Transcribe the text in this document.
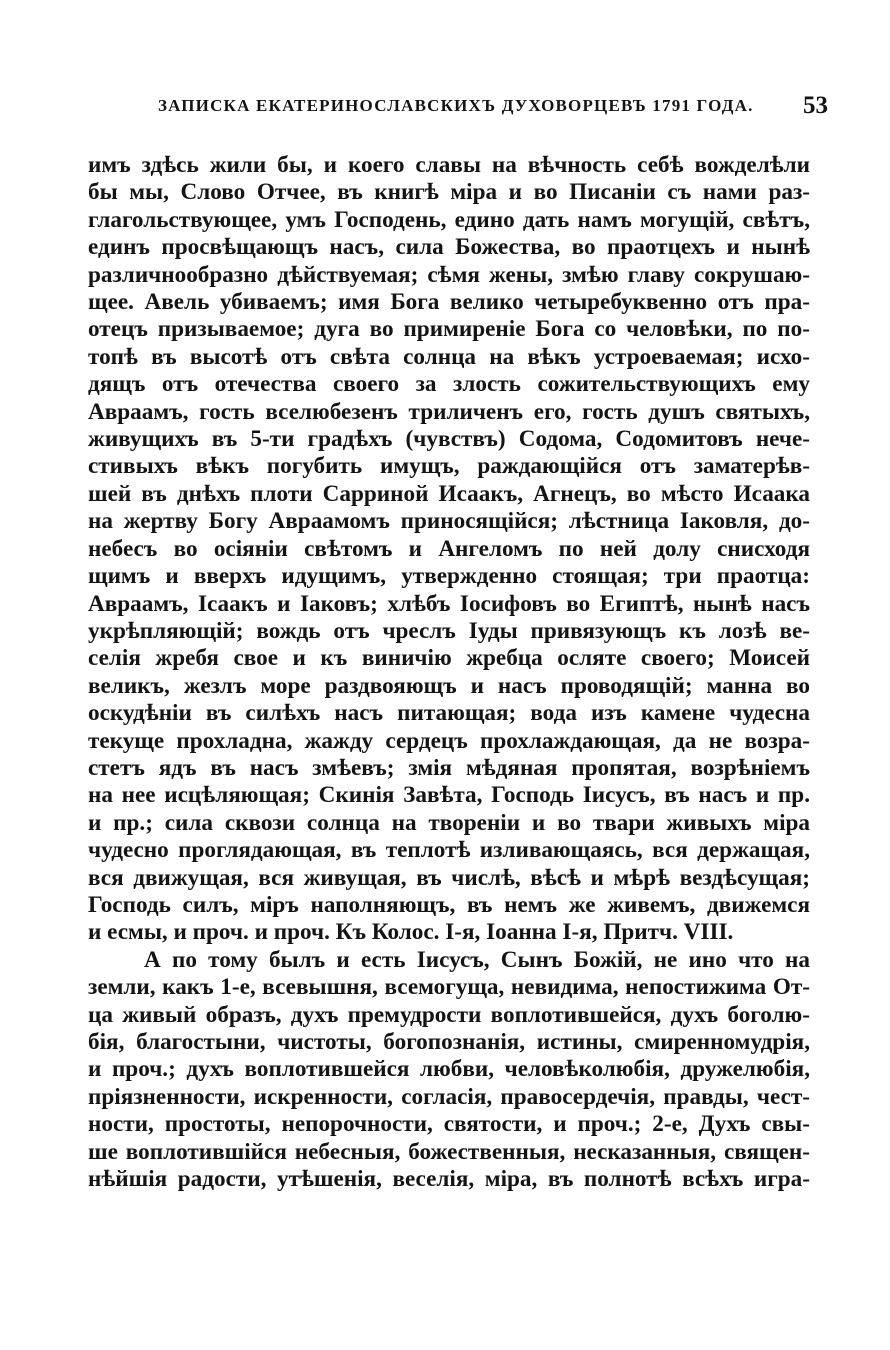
ЗАПИСКА ЕКАТЕРИНОСЛАВСКИХЪ ДУХОВОРЦЕВЪ 1791 ГОДА.	53
имъ здѣсь жили бы, и коего славы на вѣчность себѣ вожделѣли
бы мы, Слово Отчее, въ книгѣ міра и во Писаніи съ нами раз-
глагольствующее, умъ Господень, едино дать намъ могущій, свѣтъ,
единъ просвѣщающъ насъ, сила Божества, во праотцехъ и нынѣ
различнообразно дѣйствуемая; сѣмя жены, змѣю главу сокрушаю-
щее. Авель убиваемъ; имя Бога велико четыребуквенно отъ пра-
отецъ призываемое; дуга во примиреніе Бога со человѣки, по по-
топѣ въ высотѣ отъ свѣта солнца на вѣкъ устроеваемая; исхо-
дящъ отъ отечества своего за злость сожительствующихъ ему
Авраамъ, гость вселюбезенъ триличенъ его, гость душъ святыхъ,
живущихъ въ 5-ти градѣхъ (чувствъ) Содома, Содомитовъ нече-
стивыхъ вѣкъ погубить имущъ, раждающійся отъ заматерѣв-
шей въ днѣхъ плоти Сарриной Исаакъ, Агнецъ, во мѣсто Исаака
на жертву Богу Авраамомъ приносящійся; лѣстница Іаковля, до-
небесъ во осіяніи свѣтомъ и Ангеломъ по ней долу снисходя
щимъ и вверхъ идущимъ, утвержденно стоящая; три праотца:
Авраамъ, Ісаакъ и Іаковъ; хлѣбъ Іосифовъ во Египтѣ, нынѣ насъ
укрѣпляющій; вождь отъ чреслъ Іуды привязующъ къ лозѣ ве-
селія жребя свое и къ виничію жребца осляте своего; Моисей
великъ, жезлъ море раздвояющъ и насъ проводящій; манна во
оскудѣніи въ силѣхъ насъ питающая; вода изъ камене чудесна
текуще прохладна, жажду сердецъ прохлаждающая, да не возра-
стетъ ядъ въ насъ змѣевъ; змія мѣдяная пропятая, возрѣніемъ
на нее исцѣляющая; Скинія Завѣта, Господь Іисусъ, въ насъ и пр.
и пр.; сила сквози солнца на твореніи и во твари живыхъ міра
чудесно проглядающая, въ теплотѣ изливающаясь, вся держащая,
вся движущая, вся живущая, въ числѣ, вѣсѣ и мѣрѣ вездѣсущая;
Господь силъ, міръ наполняющъ, въ немъ же живемъ, движемся
и есмы, и проч. и проч. Къ Колос. I-я, Іоанна I-я, Притч. VIII.
А по тому былъ и есть Іисусъ, Сынъ Божій, не ино что на
земли, какъ 1-е, всевышня, всемогуща, невидима, непостижима От-
ца живый образъ, духъ премудрости воплотившейся, духъ боголю-
бія, благостыни, чистоты, богопознанія, истины, смиренномудрія,
и проч.; духъ воплотившейся любви, человѣколюбія, дружелюбія,
пріязненности, искренности, согласія, правосердечія, правды, чест-
ности, простоты, непорочности, святости, и проч.; 2-е, Духъ свы-
ше воплотившійся небесныя, божественныя, несказанныя, священ-
нѣйшія радости, утѣшенія, веселія, міра, въ полнотѣ всѣхъ игра-
